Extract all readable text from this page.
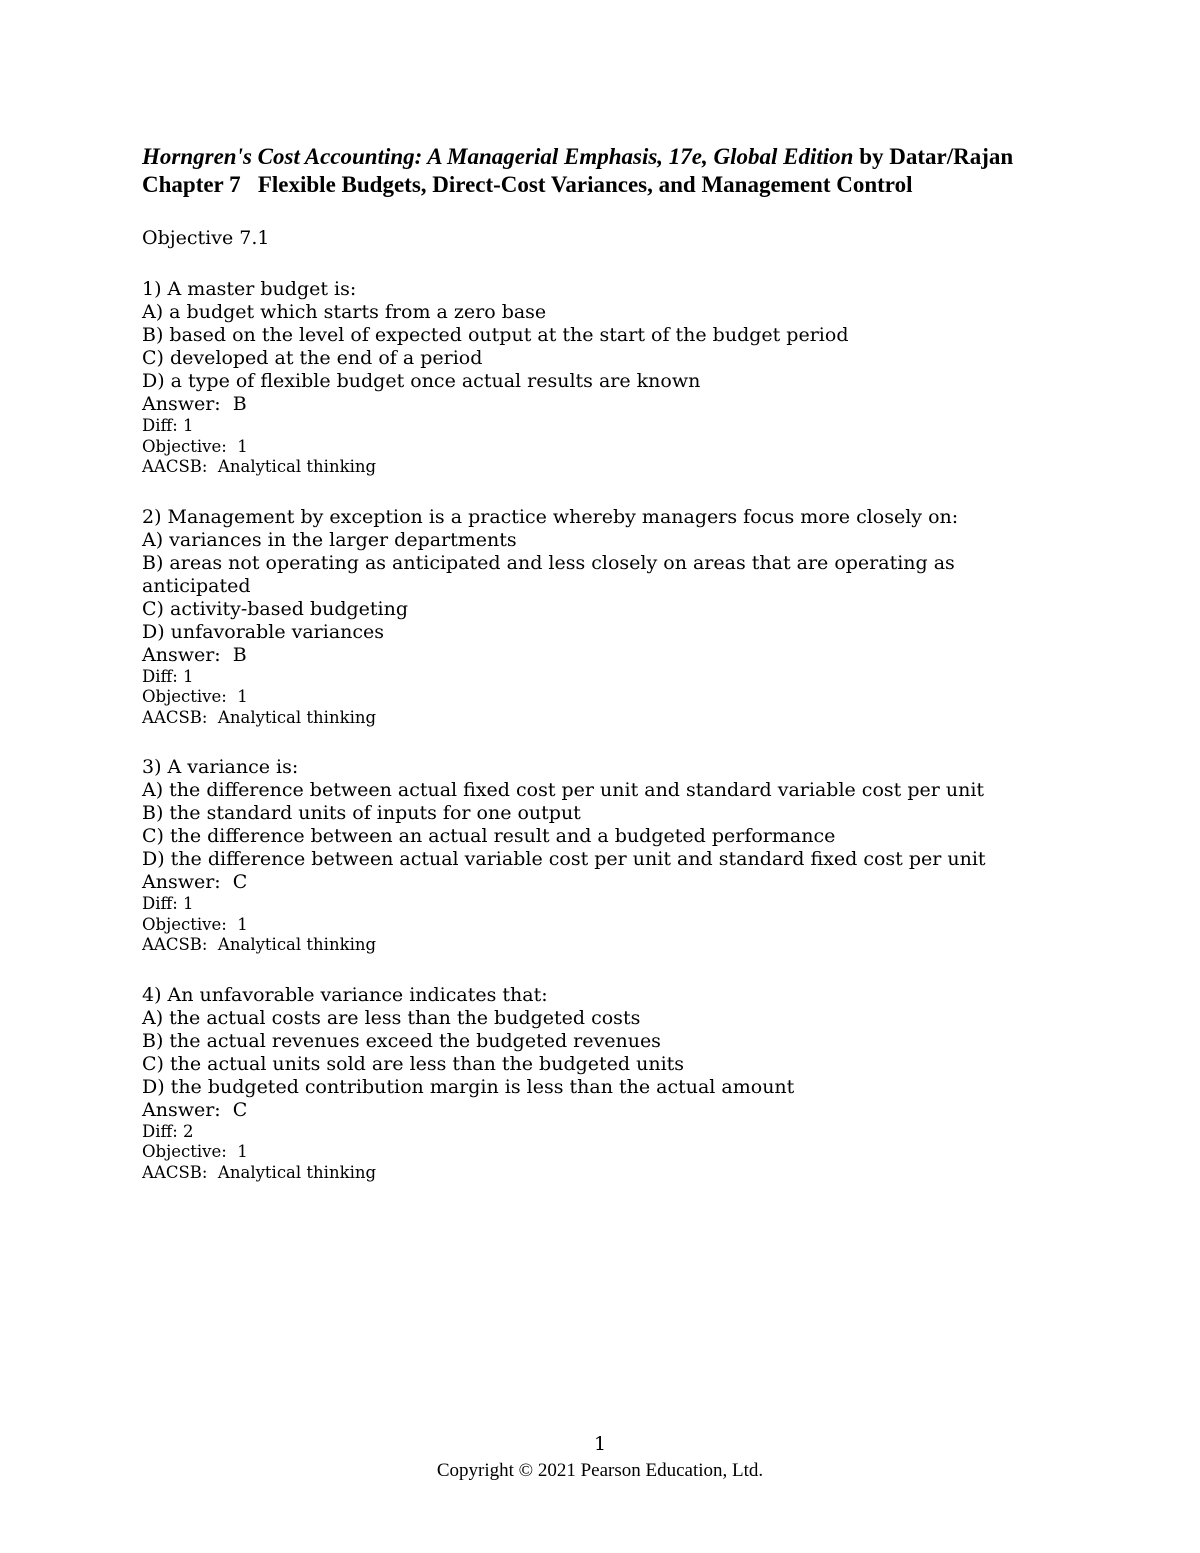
Horngren's Cost Accounting: A Managerial Emphasis, 17e, Global Edition by Datar/Rajan
Chapter 7   Flexible Budgets, Direct-Cost Variances, and Management Control
Objective 7.1
1) A master budget is:
A) a budget which starts from a zero base
B) based on the level of expected output at the start of the budget period
C) developed at the end of a period
D) a type of flexible budget once actual results are known
Answer:  B
Diff: 1
Objective:  1
AACSB:  Analytical thinking
2) Management by exception is a practice whereby managers focus more closely on:
A) variances in the larger departments
B) areas not operating as anticipated and less closely on areas that are operating as anticipated
C) activity-based budgeting
D) unfavorable variances
Answer:  B
Diff: 1
Objective:  1
AACSB:  Analytical thinking
3) A variance is:
A) the difference between actual fixed cost per unit and standard variable cost per unit
B) the standard units of inputs for one output
C) the difference between an actual result and a budgeted performance
D) the difference between actual variable cost per unit and standard fixed cost per unit
Answer:  C
Diff: 1
Objective:  1
AACSB:  Analytical thinking
4) An unfavorable variance indicates that:
A) the actual costs are less than the budgeted costs
B) the actual revenues exceed the budgeted revenues
C) the actual units sold are less than the budgeted units
D) the budgeted contribution margin is less than the actual amount
Answer:  C
Diff: 2
Objective:  1
AACSB:  Analytical thinking
1
Copyright © 2021 Pearson Education, Ltd.
